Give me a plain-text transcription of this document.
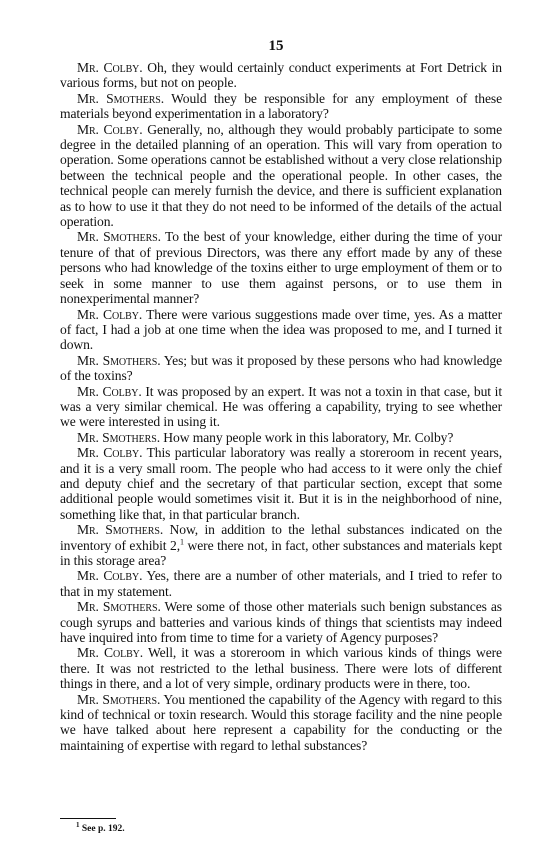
15

Mr. Colby. Oh, they would certainly conduct experiments at Fort Detrick in various forms, but not on people.

Mr. Smothers. Would they be responsible for any employment of these materials beyond experimentation in a laboratory?

Mr. Colby. Generally, no, although they would probably participate to some degree in the detailed planning of an operation. This will vary from operation to operation. Some operations cannot be established without a very close relationship between the technical people and the operational people. In other cases, the technical people can merely furnish the device, and there is sufficient explanation as to how to use it that they do not need to be informed of the details of the actual operation.

Mr. Smothers. To the best of your knowledge, either during the time of your tenure of that of previous Directors, was there any effort made by any of these persons who had knowledge of the toxins either to urge employment of them or to seek in some manner to use them against persons, or to use them in nonexperimental manner?

Mr. Colby. There were various suggestions made over time, yes. As a matter of fact, I had a job at one time when the idea was proposed to me, and I turned it down.

Mr. Smothers. Yes; but was it proposed by these persons who had knowledge of the toxins?

Mr. Colby. It was proposed by an expert. It was not a toxin in that case, but it was a very similar chemical. He was offering a capability, trying to see whether we were interested in using it.

Mr. Smothers. How many people work in this laboratory, Mr. Colby?

Mr. Colby. This particular laboratory was really a storeroom in recent years, and it is a very small room. The people who had access to it were only the chief and deputy chief and the secretary of that particular section, except that some additional people would sometimes visit it. But it is in the neighborhood of nine, something like that, in that particular branch.

Mr. Smothers. Now, in addition to the lethal substances indicated on the inventory of exhibit 2,$^1$ were there not, in fact, other substances and materials kept in this storage area?

Mr. Colby. Yes, there are a number of other materials, and I tried to refer to that in my statement.

Mr. Smothers. Were some of those other materials such benign substances as cough syrups and batteries and various kinds of things that scientists may indeed have inquired into from time to time for a variety of Agency purposes?

Mr. Colby. Well, it was a storeroom in which various kinds of things were there. It was not restricted to the lethal business. There were lots of different things in there, and a lot of very simple, ordinary products were in there, too.

Mr. Smothers. You mentioned the capability of the Agency with regard to this kind of technical or toxin research. Would this storage facility and the nine people we have talked about here represent a capability for the conducting or the maintaining of expertise with regard to lethal substances?

$^1$ See p. 192.
